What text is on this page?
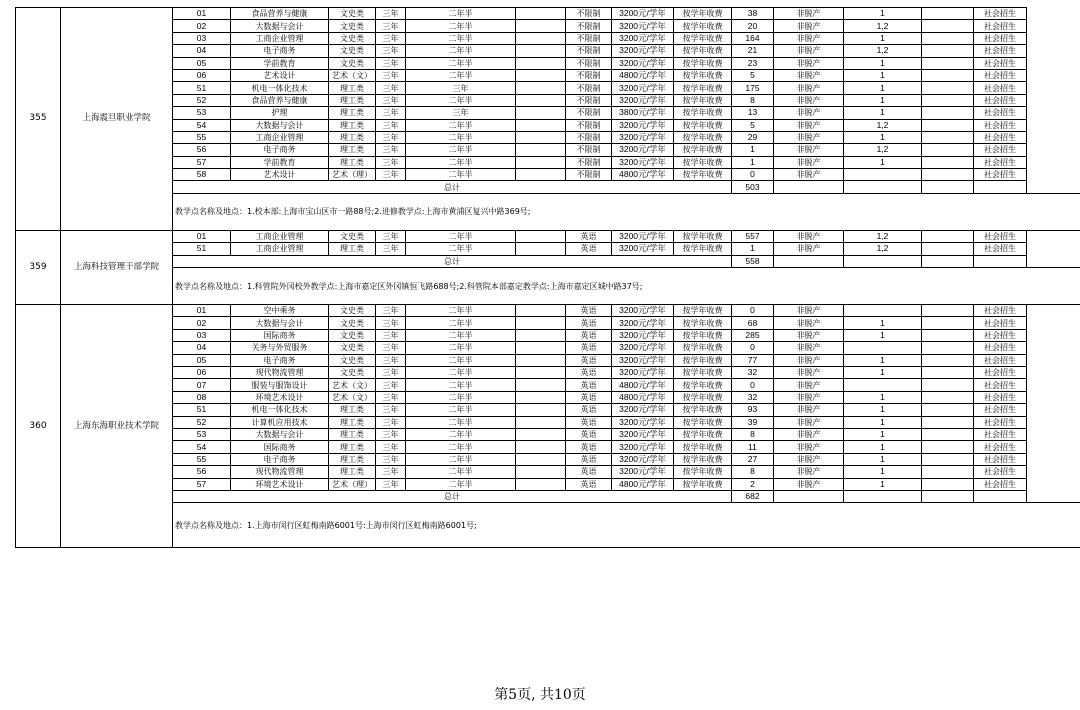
355	上海震旦职业学院	01	食品营养与健康	文史类	三年	二年半		不限制	3200元/学年	按学年收费	38	非脱产	1		社会招生
		02	大数据与会计	文史类	三年	二年半		不限制	3200元/学年	按学年收费	20	非脱产	1,2		社会招生
		03	工商企业管理	文史类	三年	二年半		不限制	3200元/学年	按学年收费	164	非脱产	1		社会招生
		04	电子商务	文史类	三年	二年半		不限制	3200元/学年	按学年收费	21	非脱产	1,2		社会招生
		05	学前教育	文史类	三年	二年半		不限制	3200元/学年	按学年收费	23	非脱产	1		社会招生
		06	艺术设计	艺术（文）	三年	二年半		不限制	4800元/学年	按学年收费	5	非脱产	1		社会招生
		51	机电一体化技术	理工类	三年	三年		不限制	3200元/学年	按学年收费	175	非脱产	1		社会招生
		52	食品营养与健康	理工类	三年	二年半		不限制	3200元/学年	按学年收费	8	非脱产	1		社会招生
		53	护理	理工类	三年	三年		不限制	3800元/学年	按学年收费	13	非脱产	1		社会招生
		54	大数据与会计	理工类	三年	二年半		不限制	3200元/学年	按学年收费	5	非脱产	1,2		社会招生
		55	工商企业管理	理工类	三年	二年半		不限制	3200元/学年	按学年收费	29	非脱产	1		社会招生
		56	电子商务	理工类	三年	二年半		不限制	3200元/学年	按学年收费	1	非脱产	1,2		社会招生
		57	学前教育	理工类	三年	二年半		不限制	3200元/学年	按学年收费	1	非脱产	1		社会招生
		58	艺术设计	艺术（理）	三年	二年半		不限制	4800元/学年	按学年收费	0	非脱产			社会招生
		总计									503				
		教学点名称及地点：1.校本部:上海市宝山区市一路88号;2.进修教学点:上海市黄浦区复兴中路369号;													
359	上海科技管理干部学院	01	工商企业管理	文史类	三年	二年半		英语	3200元/学年	按学年收费	557	非脱产	1,2		社会招生
		51	工商企业管理	理工类	三年	二年半		英语	3200元/学年	按学年收费	1	非脱产	1,2		社会招生
		总计									558				
		教学点名称及地点：1.科管院外冈校外教学点:上海市嘉定区外冈镇恒飞路688号;2.科管院本部嘉定教学点:上海市嘉定区城中路37号;													
360	上海东海职业技术学院	01	空中乘务	文史类	三年	二年半		英语	3200元/学年	按学年收费	0	非脱产			社会招生
		02	大数据与会计	文史类	三年	二年半		英语	3200元/学年	按学年收费	68	非脱产	1		社会招生
		03	国际商务	文史类	三年	二年半		英语	3200元/学年	按学年收费	285	非脱产	1		社会招生
		04	关务与外贸服务	文史类	三年	二年半		英语	3200元/学年	按学年收费	0	非脱产			社会招生
		05	电子商务	文史类	三年	二年半		英语	3200元/学年	按学年收费	77	非脱产	1		社会招生
		06	现代物流管理	文史类	三年	二年半		英语	3200元/学年	按学年收费	32	非脱产	1		社会招生
		07	服装与服饰设计	艺术（文）	三年	二年半		英语	4800元/学年	按学年收费	0	非脱产			社会招生
		08	环境艺术设计	艺术（文）	三年	二年半		英语	4800元/学年	按学年收费	32	非脱产	1		社会招生
		51	机电一体化技术	理工类	三年	二年半		英语	3200元/学年	按学年收费	93	非脱产	1		社会招生
		52	计算机应用技术	理工类	三年	二年半		英语	3200元/学年	按学年收费	39	非脱产	1		社会招生
		53	大数据与会计	理工类	三年	二年半		英语	3200元/学年	按学年收费	8	非脱产	1		社会招生
		54	国际商务	理工类	三年	二年半		英语	3200元/学年	按学年收费	11	非脱产	1		社会招生
		55	电子商务	理工类	三年	二年半		英语	3200元/学年	按学年收费	27	非脱产	1		社会招生
		56	现代物流管理	理工类	三年	二年半		英语	3200元/学年	按学年收费	8	非脱产	1		社会招生
		57	环境艺术设计	艺术（理）	三年	二年半		英语	4800元/学年	按学年收费	2	非脱产	1		社会招生
		总计									682				
		教学点名称及地点：1.上海市闵行区虹梅南路6001号:上海市闵行区虹梅南路6001号;													
第5页, 共10页
